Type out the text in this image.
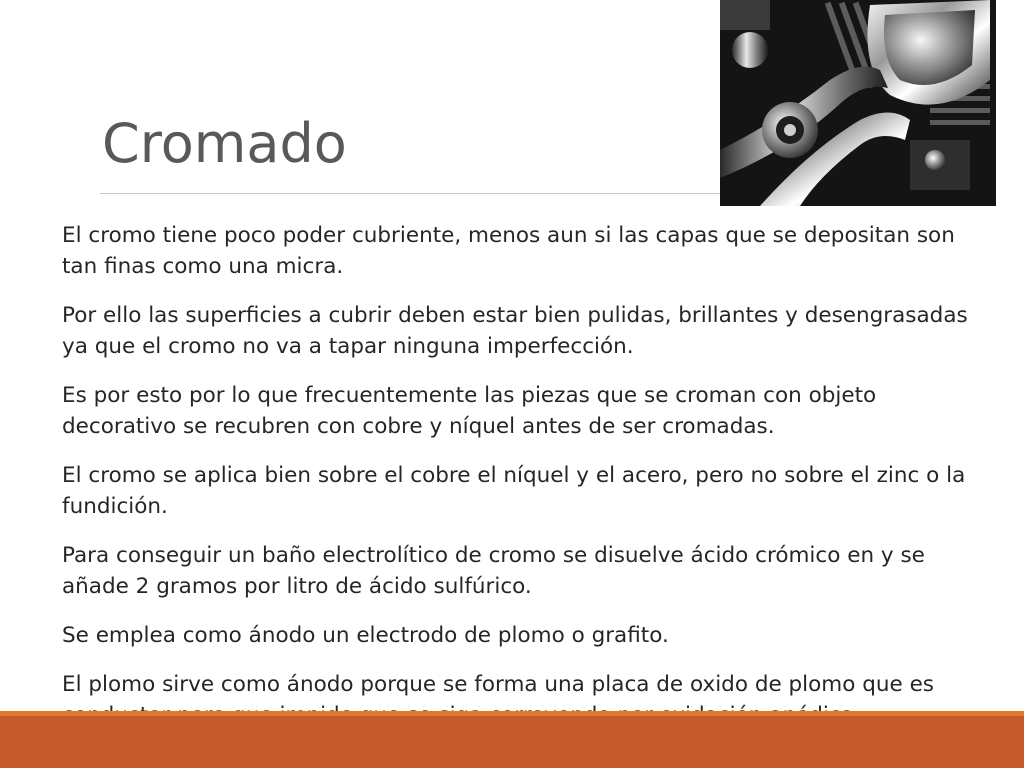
Cromado

El cromo tiene poco poder cubriente, menos aun si las capas que se depositan son tan finas como una micra.

Por ello las superficies a cubrir deben estar bien pulidas, brillantes y desengrasadas ya que el cromo no va a tapar ninguna imperfección.

Es por esto por lo que frecuentemente las piezas que se croman con objeto decorativo se recubren con cobre y níquel antes de ser cromadas.

El cromo se aplica bien sobre el cobre el níquel y el acero, pero no sobre el zinc o la fundición.

Para conseguir un baño electrolítico de cromo se disuelve ácido crómico en y se añade 2 gramos por litro de ácido sulfúrico.

Se emplea como ánodo un electrodo de plomo o grafito.

El plomo sirve como ánodo porque se forma una placa de oxido de plomo que es
